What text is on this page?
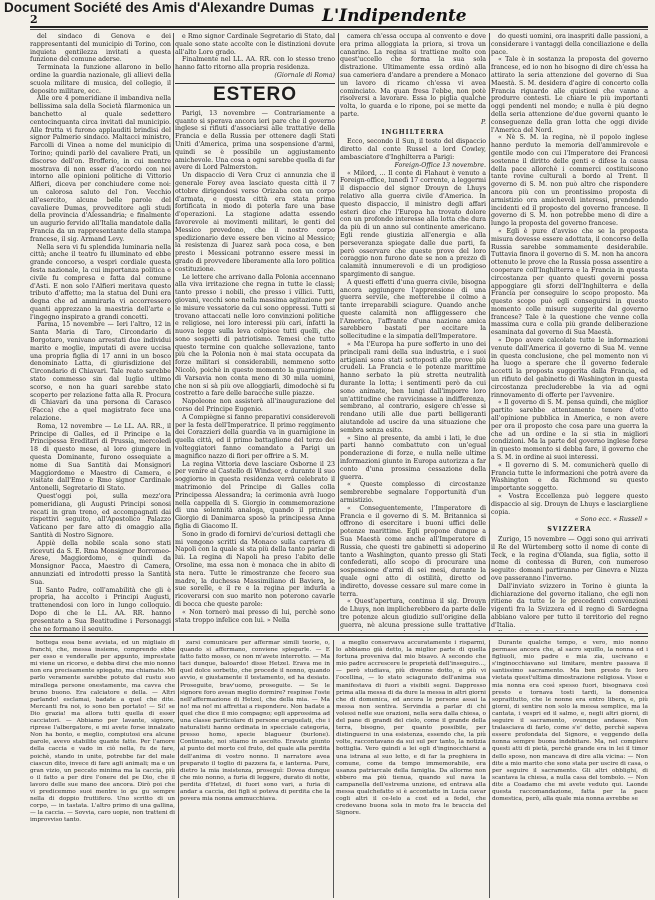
Document Société des Amis d'Alexandre Dumas
2	L'Indipendente

del sindaco di Genova e dei rappresentanti del municipio di Torino, con inquieta gentilezza invitati a questa funzione del comune aderse.

Terminata la funzione allarono in bello ordine la guardia nazionale, gli allievi della scuola militare di musica, del collegio, il deposito militare, ecc.

Alle ore 4 pomeridiane il imbandiva nella bellissima sala della Società filarmonica un banchetto al quale sedettero centocinquanta circa invitati dal municipio. Alle frutta vi furono applauditi brindisi del signor Palmerio sindaco. Maltacci ministro, Farcolli di Vinea a nome del municipio di Torino; quindi parlò del cavaliere Prati, un discorso dell'on. Brofferio, in cui mentre mostrava di non esser d'accordo con noi intorno alle opinioni politiche di Vittorio Alfieri, diceva per conchiudere come noi: un calorosa saluto del l'on. Vecchio all'esercito, alcune belle parole del cavaliere Dumas, provveditore agli studi della provincia d'Alessandria; e finalmente un augurio fervido all'Italia mandatole dalla Francia da un rappresentante della stampa francese, il sig. Armand Levy.

Nella sera vi fu splendida luminaria nella città; anche il teatro fu illuminato ed ebbe grande concorso, a vespri cordiale questa festa nazionale, la cui importanza politica e civile fu compresa e fatta dal comune d'Asti. E non solo l'Alfieri meritava questo tributo d'affetto; ma la statua del Duni era degna che ad ammirarla vi accorressero quanti apprezzano la maestria dell'arte e l'ingegno inspirato a grandi concetti.

Parma, 15 novembre — Ieri l'altro, 12 in Santa Maria di Taro, Circondario di Borgotaro, venivano arrestati due individui marito e moglie, imputati di avere uccisa una propria figlia di 17 anni in un bosco denominato Latta, di giurisdizione del Circondario di Chiavari. Tale reato sarebbe stato commesso sin dal luglio ultimo scorso, e non ha guari sarebbe stato scoperto per relazione fatta alla R. Procura di Chiavari da una persona di Carasco (Facca) che a quel magistrato fece una relazione.

Roma, 12 novembre — Le LL. AA. RR., il Principe di Galles, ed il Principe e la Principessa Ereditari di Prussia, mercoledì 18 di questo mese, al loro giungere in questa Dominante, furono ossequiate a nome di Sua Santità dai Monsignori Maggiordomo e Maestro di Camera, e visitate dall'Emo e Rmo signor Cardinale Antonelli, Segretario di Stato.

Quest'oggi poi, sulla mezz'ora pomeridiana, gli Augusti Principi sonosi recati in gran treno, ed accompagnati dai rispettivi seguito, all'Apostolico Palazzo Vaticano per fare atto di omaggio alla Santità di Nostro Signore.

Appiè della nobile scala sono stati ricevuti da S. E. Rma Monsignor Borromeo-Arese, Maggiordomo, e quindi da Monsignor Pacca, Maestro di Camera, annunziati ed introdotti presso la Santità Sua.

Il Santo Padre, coll'amabilità che gli è propria, ha accolto i Principi Augusti, trattenendosi con loro in lungo colloquio. Dopo di che le LL. AA. RR. hanno presentato a Sua Beatitudine i Personaggi che ne formano il seguito.

e Rmo signor Cardinale Segretario di Stato, dal quale sono state accolte con le distinzioni dovute all'alto Loro grado.

Finalmente nel LL. AA. RR. con lo stesso treno hanno fatto ritorno alla propria residenza.

(Giornale di Roma)
ESTERO

Parigi, 13 novembre — Contrariamente a quanto si sperava ancora ieri pare che il governo inglese si rifiuti d'associarsi alle trattative della Francia e della Russia per ottenere dagli Stati Uniti d'America, prima una sospensione d'armi, quindi se è possibile un aggiustamento amichevole. Una cosa a ogni sarebbe quella di far avere di Lord Palmerston.

Un dispaccio di Vera Cruz ci annunzia che il generale Forey avea lasciato questa città il 7 ottobre dirigendosi verso Orizaba con un corpo d'armata, e questa città era stata prima fortificata in modo di poterla fare una base d'operazioni. La stagione adatta essendo favorevole ai movimenti militari, le genti del Messico prevedono, che il nostro corpo spedizionario deve essere ben vicino al Messico; la resistenza di Juarez sarà poca cosa, e ben presto i Messicani potranno essere messi in grado di provvedere liberamente alla loro politica costituzione.

Le lettere che arrivano dalla Polonia accennano alla viva irritazione che regna in tutte le classi; tanto presso i nobili, che presso i villici. Tutti, giovani, vecchi sono nella massima agitazione per le misure vessatorie da cui sono oppressi. Tutti si trovano attaccati nelle loro convinzioni politiche e religiose, nei loro interessi più cari, infatti la nuova legge sulla leva colpisce tutti quelli, che sono sospetti di patriotismo. Temesi che tutto questo termine con qualche sollevazione, tanto più che la Polonia non è mai stata occupata da forze militari si considerabili, nemmeno sotto Nicolò, poichè in questo momento la guarnigione di Varsavia non conta meno di 30 mila uomini, che non si sà più ove alloggiarli, dimodochè si fu costretto a fare delle baracche sulle piazze.

Napoleone non assisterà all'inaugurazione del corso del Principe Eugenio.

A Compiègne si fanno preparativi considerevoli per la festa dell'Imperatrice. Il primo reggimento dei Corazzieri della guardia va in guarnigione in quella città, ed il primo battaglione del terzo dei volteggiatori fanno comandato a Parigi un magnifico nazzo di fiori per offrire a S. M.

La regina Vittoria deve lasciare Osborne il 23 per venire al Castello di Windsor, e durante il suo soggiorno in questa residenza verrà celebrato il matrimonio del Principe di Galles colla Principessa Alessandra; la cerimonia avrà luogo nella cappella di S. Giorgio in commemorazione di una solennità analoga, quando il principe Giorgio di Danimarca sposò la principessa Anna figlia di Giacomo II.

Sono in grado di fornirvi de'curiosi dettagli che mi vengono scritti da Monaco sulla carriera di Napoli con la quale si sta più della tanto parlar di lui. La regina di Napoli ha preso l'abito delle Orsoline, ma essa non è monaca che in abito di sta nera. Tutte le rimostranze che fecero sua madre, la duchessa Massimiliano di Baviera, le sue sorelle, e il re e la regina per indurla a ricoverarsi con suo marito non poterono cavarle di bocca che queste parole:

« Non tornerò mai presso di lui, perchè sono stata troppo infelice con lui. » Nella

camera ch'essa occupa al convento e dove era prima alloggiata la priora, si trova un canarino. La regina si trattiene molto con quest'uccello che forma la sua sola distrazione. Ultimamente essa ordinò alla sua cameriera d'andare a prendere a Monaco un lavoro di ricamo ch'essa vi avea cominciato. Ma quan fresa l'ebbe, non potè risolversi a lavorare. Essa lo piglia qualche volta, lo guarda e lo ripone, poi se mette da parte.

P.
INGHILTERRA

Ecco, secondo il Sun, il testo del dispaccio diretto dal conte Russel a lord Cowley, ambasciatore d'Inghilterra a Parigi:

Foreign-Office 13 novembre.

« Milord, ... Il conte di Flahaut è venuto a Foreign-office, lunedì 17 corrente, a leggermi il dispaccio del signor Drouyn de Lhuys relativo alla guerra civile d'America. In questo dispaccio, il ministro degli affari esteri dice che l'Europa ha trovato dolore con un profondo interesse alla lotta che dura da più di un anno sul continente americano. Egli rende giustizia all'energia e alla perseveranza spiegate dalle due parti, fa però osservare che queste prove del loro coraggio non furono date se non a prezzo di calamità innumerevoli e di un prodigioso spargimento di sangue.

A questi effetti d'una guerra civile, bisogna ancora aggiungere l'apprensione di una guerra servile, che metterebbe il colmo a tante irreparabili sciagure. Quando anche queste calamità non affliggessero che l'America, l'affrante d'una nazione amica sarebbero bastati per eccitare la sollecitudine e la simpatia dell'Imperatore.

« Ma l'Europa ha pure sofferto in uno dei principali rami della sua industria, e i suoi artigiani sono stati sottoposti alle prove più crudeli. La Francia e le potenze marittime hanno serbato la più stretta neutralità durante la lotta; i sentimenti però da cui sono animate, ben lungi dall'imporre loro un'attitudine che ravvicinasse a indifferenza, sembrano, al contrario, esigere ch'esse si rendano utili alle due parti belligeranti aiutandole ad uscire da una situazione che sembra senza esito.

« Sino al presente, da ambi i lati, le due parti hanno combattuto con un'egual ponderazione di forze, e nulla nelle ultime informazioni giunte in Europa autorizza a far conto d'una prossima cessazione della guerra.

« Queste complesso di circostanze sembrerebbe segnalare l'opportunità d'un armistizio.

« Conseguentemente, l'Imperatore di Francia e il governo di S. M. Britannica si offrono di esercitare i buoni uffici delle potenze marittime. Egli propone dunque a Sua Maestà come anche all'Imperatore di Russia, che questi tre gabinetti si adoperino tanto a Washington, quanto presso gli Stati confederati, allo scopo di procurare una sospensione d'armi di sei mesi, durante la quale ogni atto di ostilità, diretto od indiretto, dovesse cessare sul mare come in terra.

« Quest'apertura, continua il sig. Drouyn de Lhuys, non implicherebbero da parte delle tre potenze alcun giudizio sull'origine della guerra, nè alcuna pressione sulle trattative

do questi uomini, ora inaspriti dalle passioni, a considerare i vantaggi della conciliazione e della pace.

« Tale è in sostanza la proposta del governo francese, ed io non ho bisogno di dire ch'essa ha attirato la seria attenzione del governo di Sua Maestà. S. M. desidera d'agire di concerto colla Francia riguardo alle quistioni che vanno a produrre contesti. Le chiare le più importanti oggi pendenti nel mondo; e nulla è più degno della seria attenzione de'due governi quanto le conseguenze della gran lotta che oggi divide l'America del Nord.

« Nè S. M. la regina, nè il popolo inglese hanno perduto la memoria dell'ammirevole e gentile modo con cui l'Imperatore dei Francesi sostenne il diritto delle genti e difese la causa della pace allorchè i commerci costituiscono tante rovine culturali a bordo al Trent. Il governo di S. M. non può altro che rispondere ancora più con un prontissimo proposta di armistizio ora amichevoli interessi, prendendo incidenti ed il proposto del governo francese. Il governo di S. M. non potrebbe meno di dire a lungo la proposta del governo francese.

« Egli è pure d'avviso che se la proposta misura dovesse essere adottata, il concorso della Russia sarebbe sommamente desiderabile. Tuttavia finora il governo di S. M. non ha ancora ottenuto le prove che la Russia possa assentire a cooperare coll'Inghilterra e la Francia in questa circostanza per quanto questi governi possa appoggiare gli sforzi dell'Inghilterra e della Francia per conseguire lo scopo proposto. Ma questo scopo può egli conseguirsi in questo momento colle misure suggerite dal governo francese? Tale è la questione che venne colla massima cura e colla più grande deliberazione esaminata dal governo di Sua Maestà.

« Dopo avere calcolate tutte le informazioni venute dall'America il governo di Sua M. venne in questa conclusione, che pel momento non vi ha luogo a sperare che il governo federale accetti la proposta suggerita dalla Francia, ed un rifiuto del gabinetto di Washington in questa circostanza precluderebbe la via ad ogni rinnovamento di offerte per l'avvenire.

« Il governo di S. M. pensa quindi, che miglior partito sarebbe attentamente tenere d'otto all'opinione pubblica in America, e non avere per ora il proposto che cosa pare una guerra la che ad un ordine e la si stia in migliori condizioni. Ma la parte del governo inglese forse in questo momento si debba fare, il governo che a S. M. in ordine ai suoi interessi.

« Il governo di S. M. comunicherà quello di Francia tutte le informazioni che potrà avere da Washington e da Richmond su questo importante soggetto.

« Vostra Eccellenza può leggere questo dispaccio al sig. Drouyn de Lhuys e lasciargliene copia.

« Sono ecc. « Russell »
SVIZZERA

Zurigo, 15 novembre — Oggi sono qui arrivati il Re del Würtemberg sotto il nome di conte di Teck, e la regina d'Olanda, sua figlia, sotto il nome di contessa di Buren, con numeroso seguito: domani partiranno per Ginevra e Nizza ove passeranno l'inverno.

Dall'inviato svizzero in Torino è giunta la dichiarazione del governo italiano, che egli non ritiene da tutte le le precedenti convenzioni vigenti fra la Svizzera ed il regno di Sardegna abbiano valore per tutto il territorio del regno d'Italia.

bottega essa bene avviata, ed un migliaio di franchi, che, messa insieme, comprendo ebbe per esso e venderalle per appunto, imprestate mi viene un ricorso, e debba dirsi che mio nonno non era precisamente spiegato, ma chiamato. Mi parlo veramente sarebbe potuto dal rustu suo mirallega persone onestamente, ma cavva che bruno buono. Era calciatore e della. — Altri parlando! esclamai, badate a quel che dite. Mercanti fra noi, io sono ben portato! — Si! se Dio grazia! ma allora tutti quella di esser cacciatori. — Abbiamo per lavante, signore, riprese l'albergatore, e mi avete forse innalzato Non ha bonto, e meglio, compiutosi era alcune parole, avevo stabilite quante fatte. Per l'amore della caccia e vado in ciò nella, fu de fare, poichè, stando in unite, potrebbe far del male ciascun dito, invece di fare agli animali; ma e un gran vizio, un peccato minima ma la caccia, più o il fatto a per dire l'onere del pe Dio, che il lavoro delle sue mano dee ancora. Dirò poi che vi predicemmo suoi mentre io gu gu sempre nella di doppio fruttifero. Uno scritto di un corpo, — in tastata. L'altro primo di una gallina, — la caccia. — Sovvia, caro uopie, non tratteni di improvviso tanto.

zarsi comunicare per affermar simili teorie, o, quando si affermano, conviene spiegarle. — E fatto fatto mosso, ce non m'avete interrotto. — Ma taci dunque, baloardo! disse Hetzel. Erava me in quel dolce sorbetto, che procede il nonno, quando avvio, e giustamente il testamento, ed ha desiato. Proseguite, brav'uomo, proseguite. — Se le signore foro avean meglio dormire? respinse l'oste nell'affermazione di Hetzel, che della mia. — Ma no! ma no! mi affrettai a rispondere. Non badate a quel che dice il mio compagno; egli approssima ad una classe particolare di persone eruguelati, che i naturalisti hanno ordinata in specciale categoria, presso homo, specie blagueur (burlone). Continuate, noi stiamo in ascolto. Eravate giunto al punto del morto col fruto, del quale alla perdita dell'anima di vostro nonno. Il narratore avea preparato il toglio di pazzera fa, e lanterna. Pure, dietro la mia insistenza, proseguì: Dovea dunque che mio nonno, a furia di leggere, durato di notte, perdita d'Hetzel, di fuori sono vari, a furia di andar a caccia, dei figli si poteva di perdita che la povera mia nonna ammucchiava.

a meglio conservava accuratamente i risparmi, lo abbiamo già detto, la miglior parte di quella fortuna proveniva dal mio bisavo. A secondo che mio padre accrescere le proprietà dell'inseguiro..., — però studiava, più divenne dotto, e più vi l'ocellina, — lo stato sciagurato dell'anima sua manifestava di fuori a visibili segni. Dappresso prima alla messa di da dure la messa in altri giorni che di domenica, ed ancora le persone assai la messa non sentiva. Servindia a parlar di chi volessi nelle sue orazioni, nella sera dalla chiesa, o del pane di grandi del cielo, come il grande della terra, bisogno, per quanto possibile, per distinguersi in una esistenza, essendo che, la più volte, raccontavano da sui sul per tanto, la notizia bottiglia. Vero quindi a lei egli d'inginocchiarsi a una istrana al suo letto, e di far la preghiera in comune, come da tempo immemorabile, era usanza patriarcale della famiglia. Da allorme non ebbero ma più tienua, quando sul nava la campanella dell'estrema unzione, ed entrava alla messa qualchefatto si è accontatte in Lucia cavar cogli altri il ce-lelo a cost ed a fedel, che credevano buona sola in moto fra le braccia del Signore.

Durante qualche tempo, e vero, mio nonno permase ancora che, al sacro squillo, la nonna ed i figliuoli, mio padre e mia zia, uscivano e s'inginocchiavano sul limitare, mentre passava il santissimo sacramento. Ma ben presto fu loro vietata quest'ultima dimostrazione religiosa. Visse e mia nonna era così spesso fuori, bisognava così presto e tornava tosti tardi, la domenica sopraittutto, che le nonne era entro libera, e, più giorni, di sentire non solo la messa semplice, ma la cantata, i vespri ed il salmo, e, negli altri giorni, di seguire il sacramento, ovunque andasse. Non tralasciava di farlo, come s'e' detto, perchè sapeva essere profondata del Signore, e veggendo della nonna sempre buona indebitare. Ma, nel compiere questi atti di pietà, perchè grande era in lei il timor dello sposo, non mancava di dire alla vicina: — Non dite a mio marito che sono stata per uscire di casa, o per seguire il sacramento. Gli altri obblighi, di scantava la chiesa, a nulla casa del tombolo. — Non dite a Coadamo che mi avete veduto qui. Laonde questa raccomandazione, fatta per la pace domestica, però, alla quale mia nonna avrebbe se
